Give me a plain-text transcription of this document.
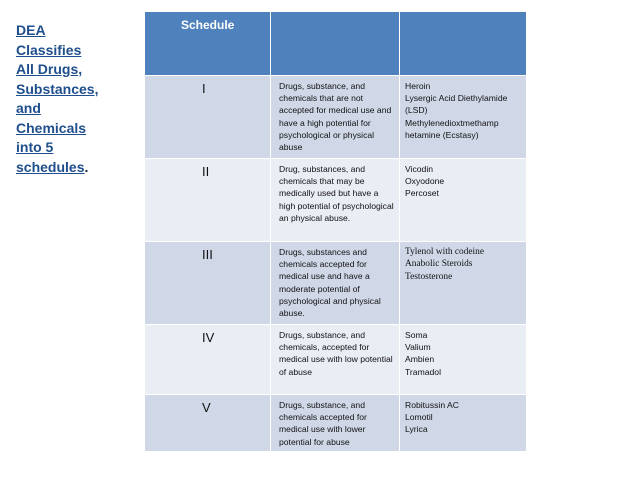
DEA
Classifies
All Drugs,
Substances,
and
Chemicals
into 5
schedules.
Schedule		

I	Drugs, substance, and chemicals that are not accepted for medical use and have a high potential for psychological or physical abuse	Heroin
Lysergic Acid Diethylamide
(LSD)
Methylenedioxtmethamp
hetamine (Ecstasy)

II	Drug, substances, and chemicals that may be medically used but have a high potential of psychological an physical abuse.	Vicodin
Oxyodone
Percoset

III	Drugs, substances and chemicals accepted for medical use and have a moderate potential of psychological and physical abuse.	Tylenol with codeine
Anabolic Steroids
Testosterone

IV	Drugs, substance, and chemicals, accepted for medical use with low potential of abuse	Soma
Valium
Ambien
Tramadol

V	Drugs, substance, and chemicals accepted for medical use with lower potential for abuse	Robitussin AC
Lomotil
Lyrica
